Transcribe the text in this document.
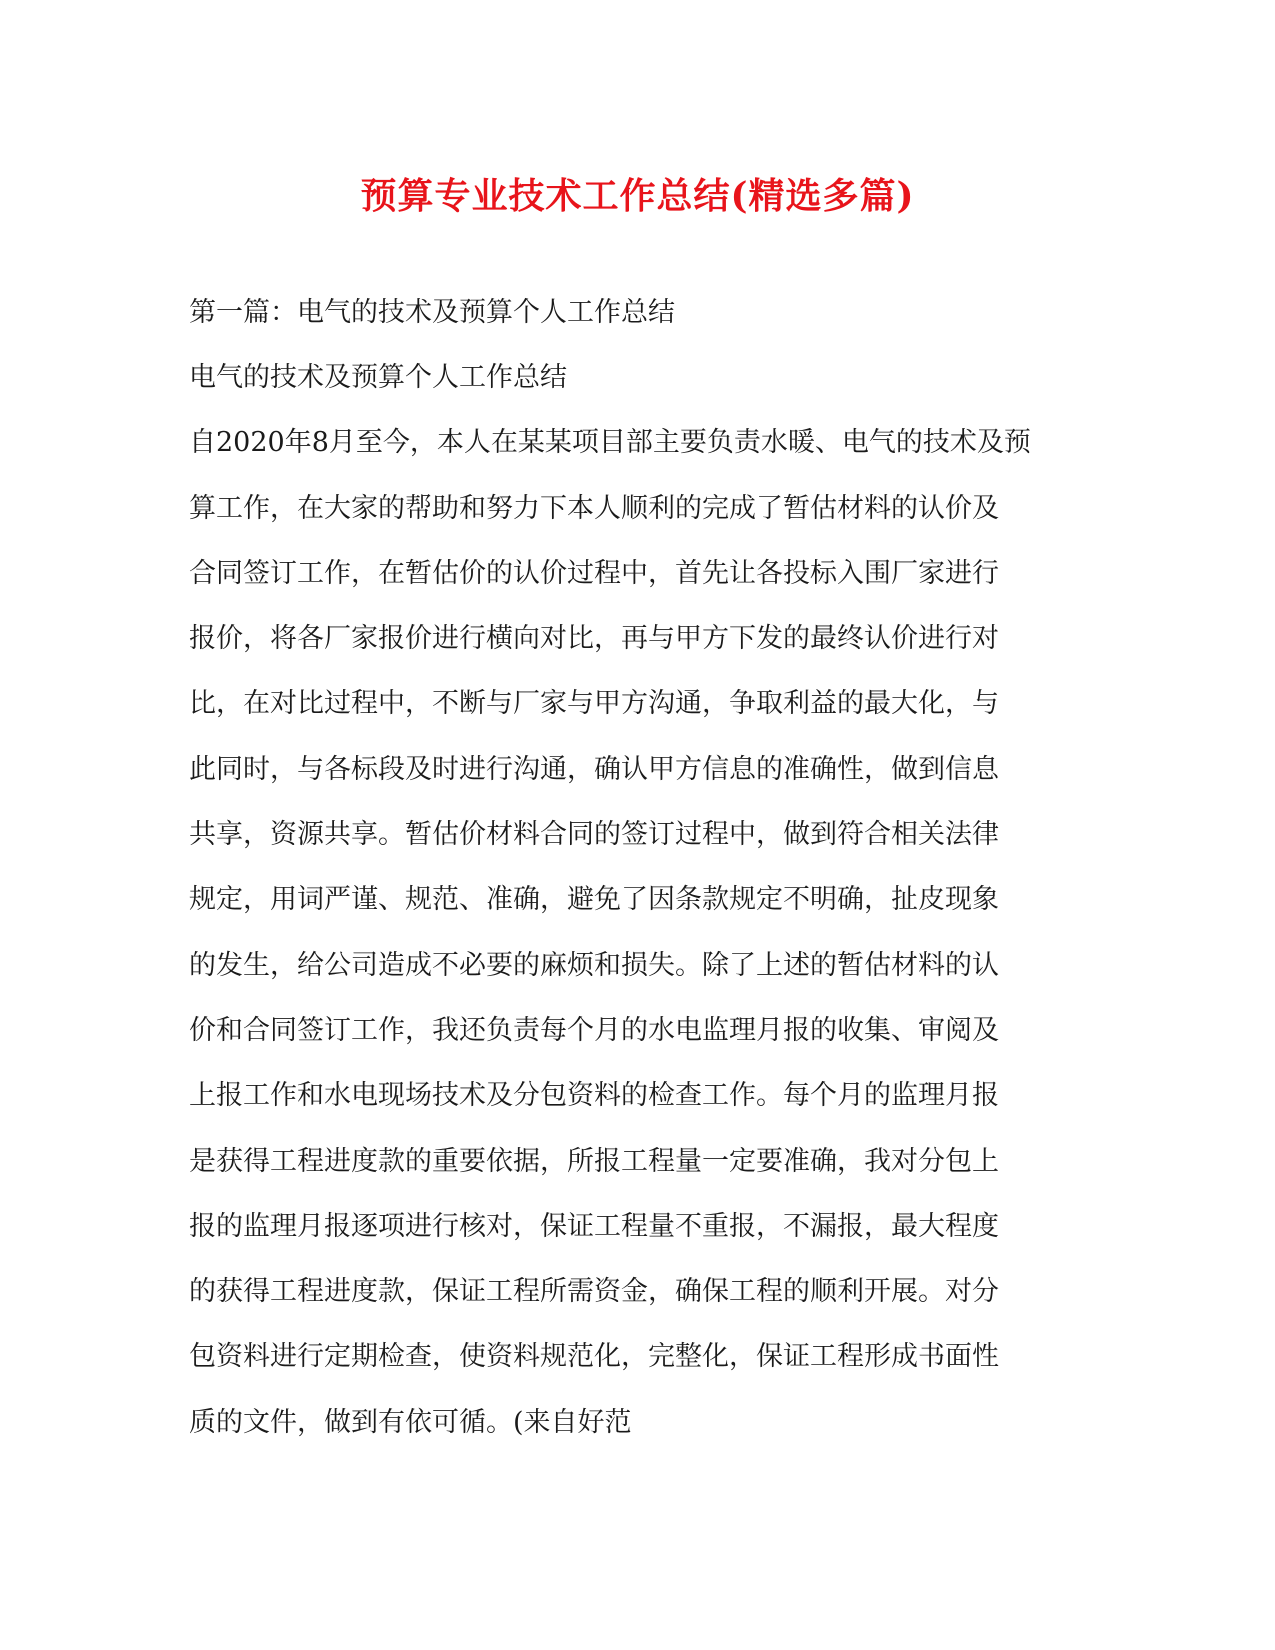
预算专业技术工作总结(精选多篇)

第一篇：电气的技术及预算个人工作总结

电气的技术及预算个人工作总结

自2020年8月至今，本人在某某项目部主要负责水暖、电气的技术及预

算工作，在大家的帮助和努力下本人顺利的完成了暂估材料的认价及

合同签订工作，在暂估价的认价过程中，首先让各投标入围厂家进行

报价，将各厂家报价进行横向对比，再与甲方下发的最终认价进行对

比，在对比过程中，不断与厂家与甲方沟通，争取利益的最大化，与

此同时，与各标段及时进行沟通，确认甲方信息的准确性，做到信息

共享，资源共享。暂估价材料合同的签订过程中，做到符合相关法律

规定，用词严谨、规范、准确，避免了因条款规定不明确，扯皮现象

的发生，给公司造成不必要的麻烦和损失。除了上述的暂估材料的认

价和合同签订工作，我还负责每个月的水电监理月报的收集、审阅及

上报工作和水电现场技术及分包资料的检查工作。每个月的监理月报

是获得工程进度款的重要依据，所报工程量一定要准确，我对分包上

报的监理月报逐项进行核对，保证工程量不重报，不漏报，最大程度

的获得工程进度款，保证工程所需资金，确保工程的顺利开展。对分

包资料进行定期检查，使资料规范化，完整化，保证工程形成书面性

质的文件，做到有依可循。(来自好范
